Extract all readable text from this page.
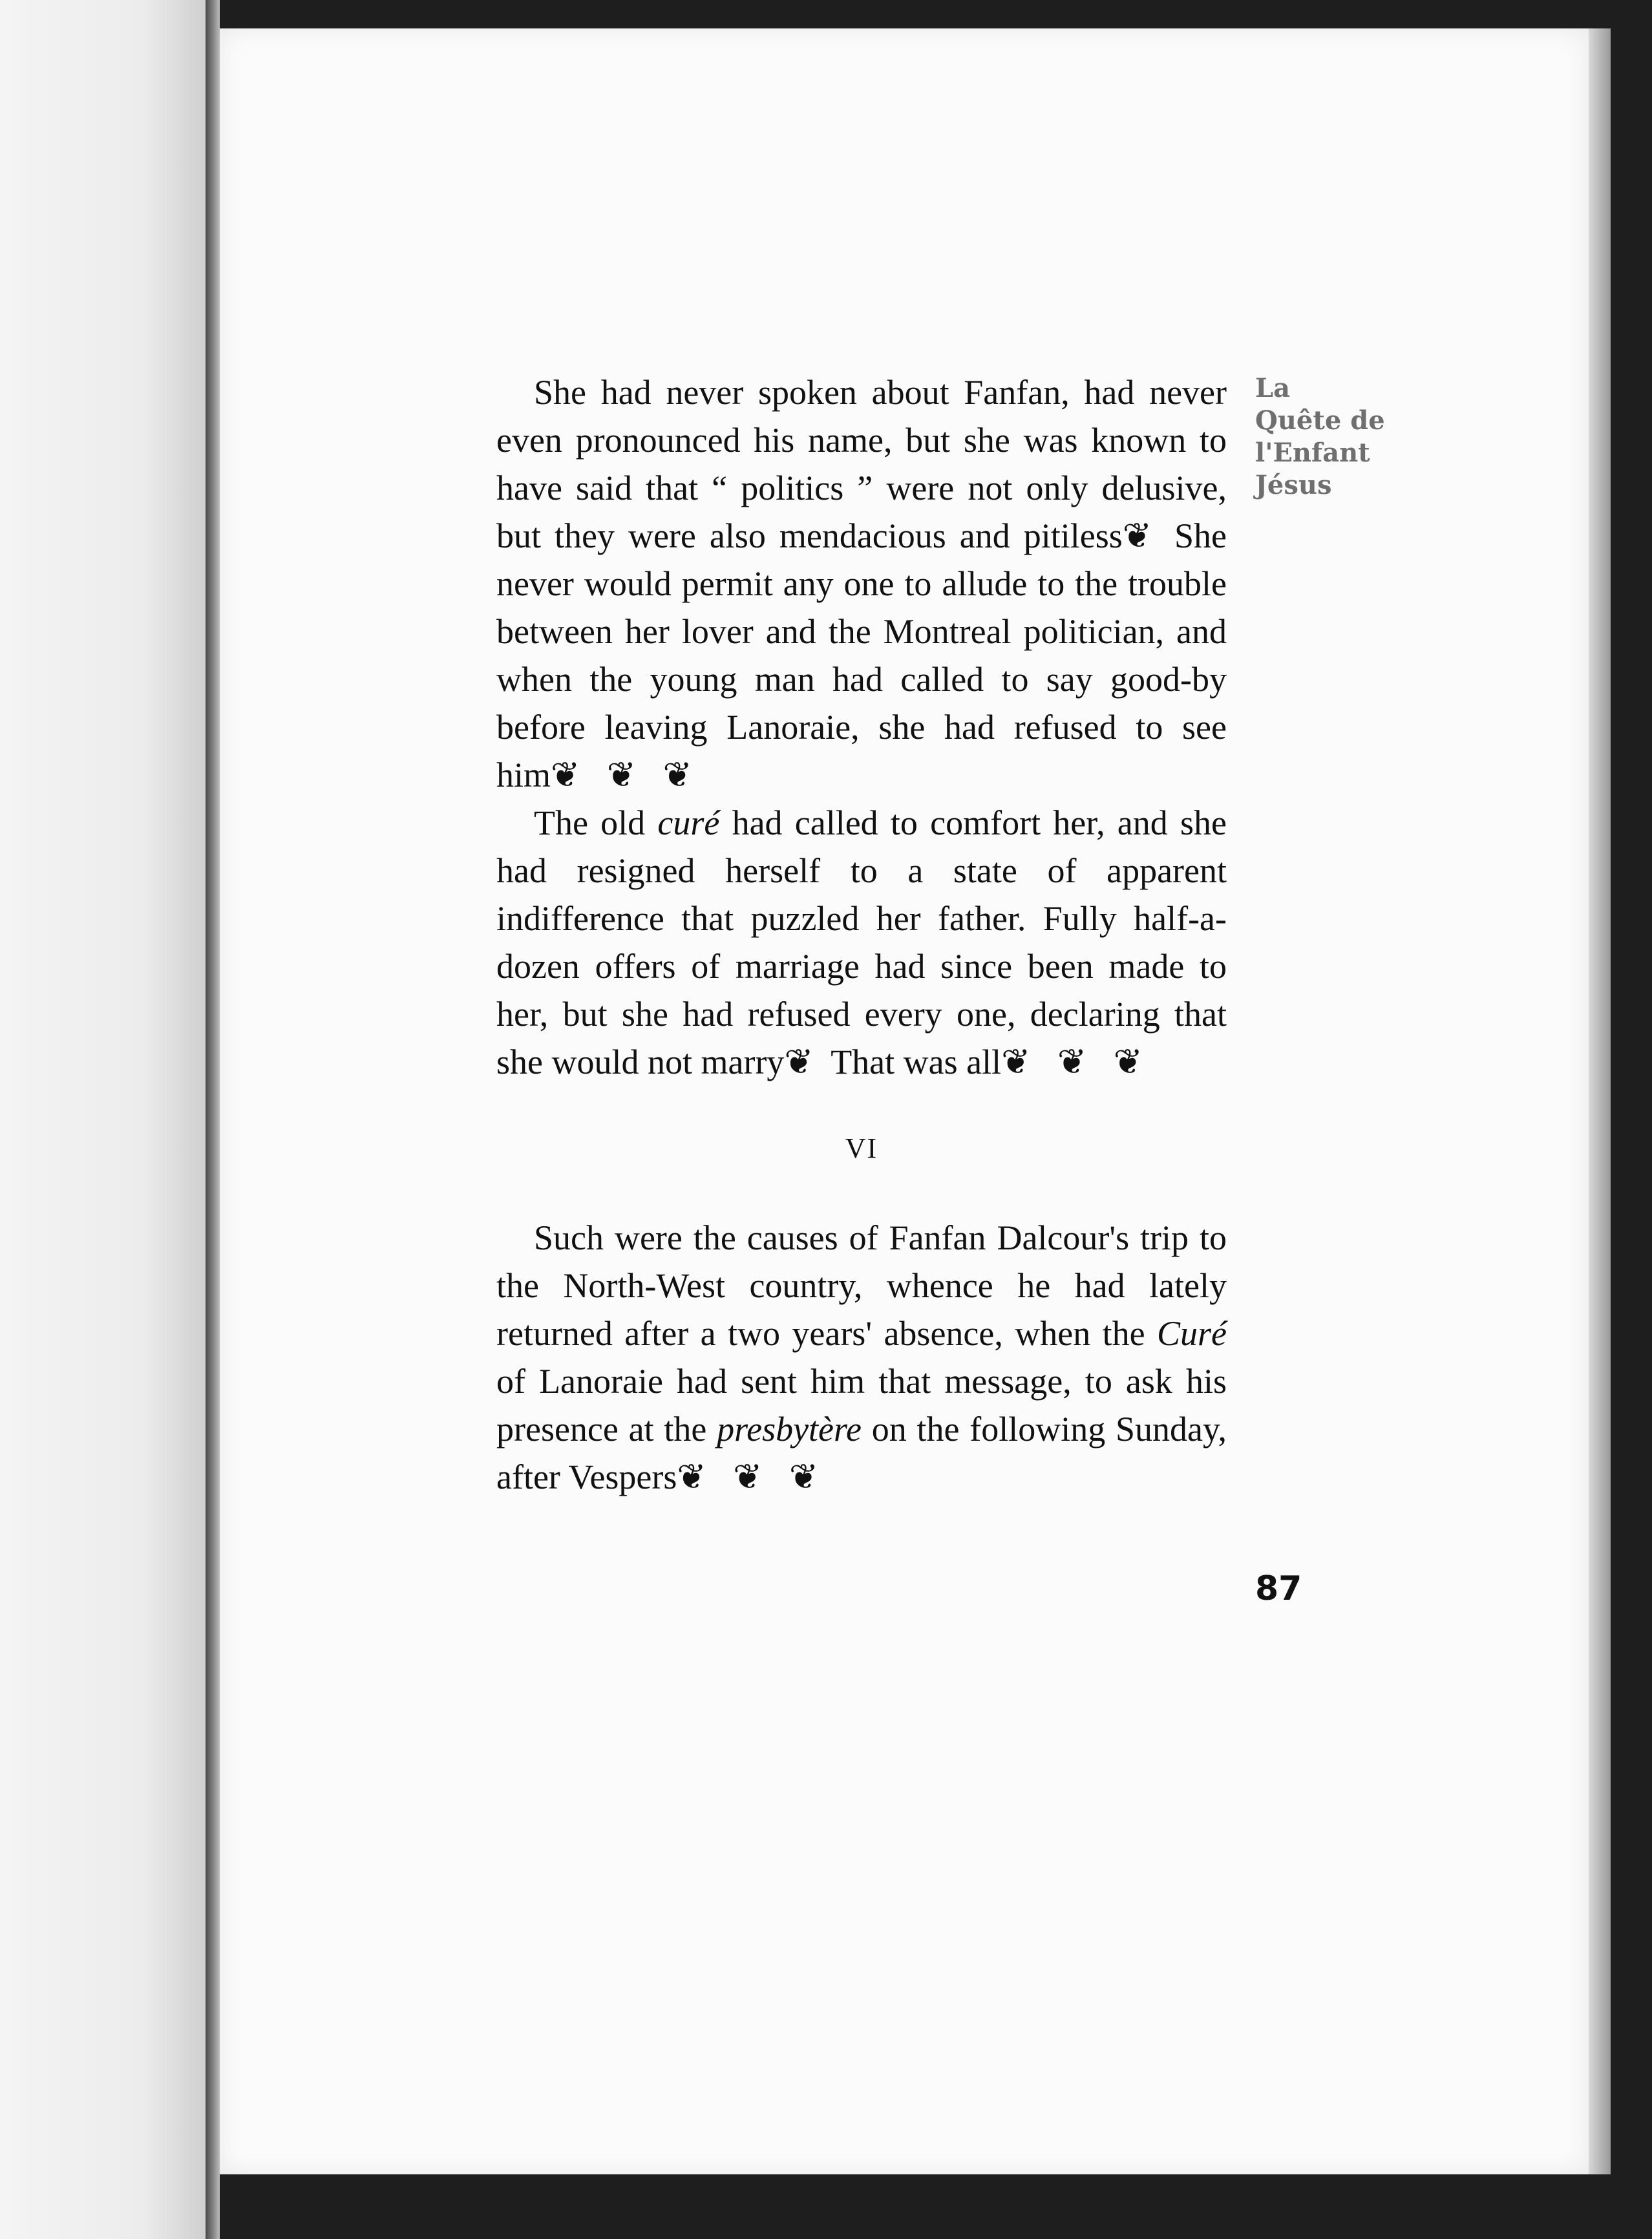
La
Quête de
l'Enfant
Jésus

She had never spoken about Fanfan, had never even pronounced his name, but she was known to have said that “ politics ” were not only delusive, but they were also mendacious and pitiless❦ She never would permit any one to allude to the trouble between her lover and the Montreal politician, and when the young man had called to say good-by before leaving Lanoraie, she had refused to see him❦ ❦ ❦

The old curé had called to comfort her, and she had resigned herself to a state of apparent indifference that puzzled her father. Fully half-a-dozen offers of marriage had since been made to her, but she had refused every one, declaring that she would not marry❦ That was all❦ ❦ ❦

VI

Such were the causes of Fanfan Dalcour's trip to the North-West country, whence he had lately returned after a two years' absence, when the Curé of Lanoraie had sent him that message, to ask his presence at the presbytère on the following Sunday, after Vespers❦ ❦ ❦

87
